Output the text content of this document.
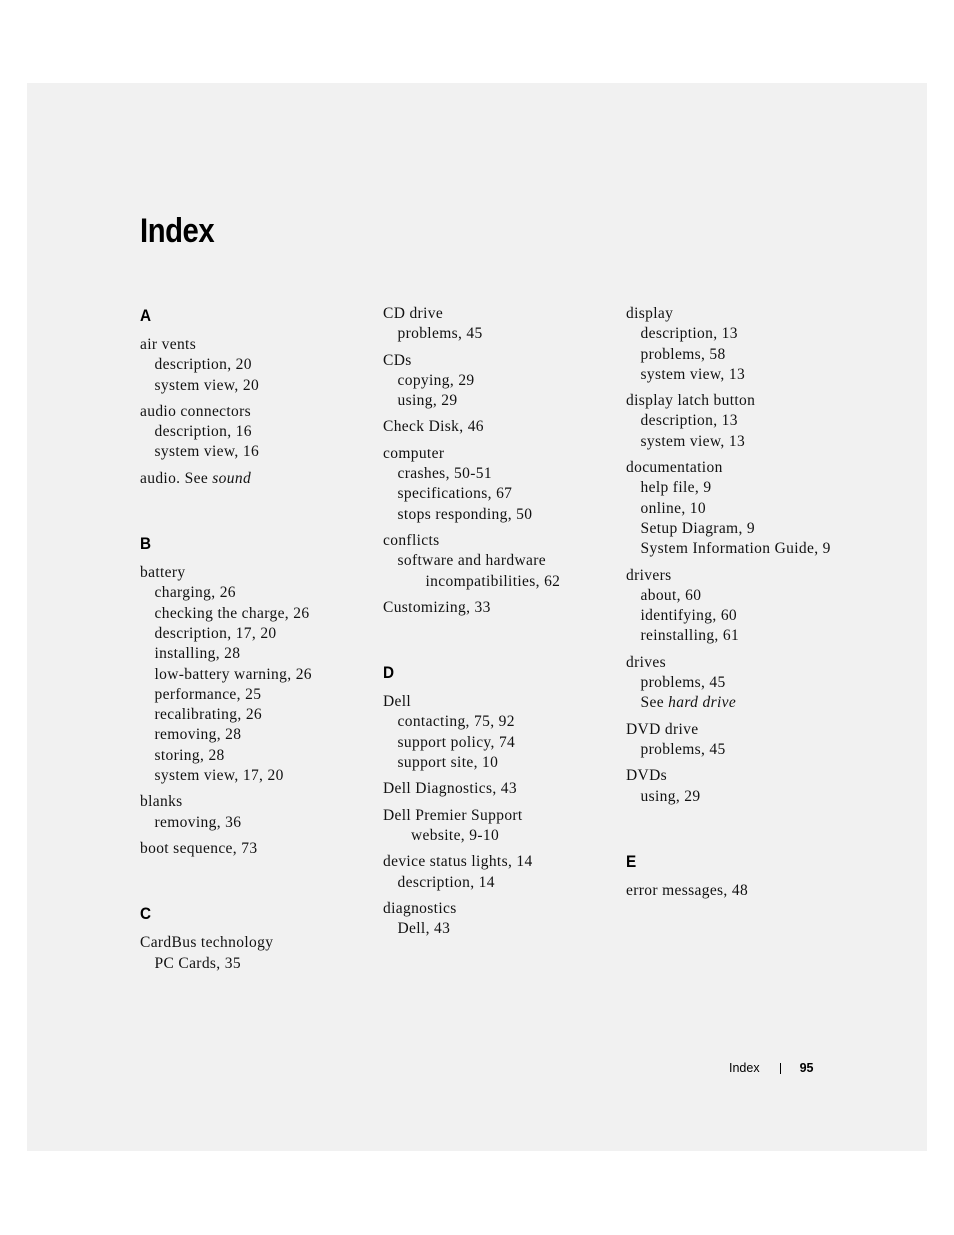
Index
A
air vents
description, 20
system view, 20
audio connectors
description, 16
system view, 16
audio. See sound
B
battery
charging, 26
checking the charge, 26
description, 17, 20
installing, 28
low-battery warning, 26
performance, 25
recalibrating, 26
removing, 28
storing, 28
system view, 17, 20
blanks
removing, 36
boot sequence, 73
C
CardBus technology
PC Cards, 35
CD drive
problems, 45
CDs
copying, 29
using, 29
Check Disk, 46
computer
crashes, 50-51
specifications, 67
stops responding, 50
conflicts
software and hardware
incompatibilities, 62
Customizing, 33
D
Dell
contacting, 75, 92
support policy, 74
support site, 10
Dell Diagnostics, 43
Dell Premier Support
website, 9-10
device status lights, 14
description, 14
diagnostics
Dell, 43
display
description, 13
problems, 58
system view, 13
display latch button
description, 13
system view, 13
documentation
help file, 9
online, 10
Setup Diagram, 9
System Information Guide, 9
drivers
about, 60
identifying, 60
reinstalling, 61
drives
problems, 45
See hard drive
DVD drive
problems, 45
DVDs
using, 29
E
error messages, 48
Index	95
